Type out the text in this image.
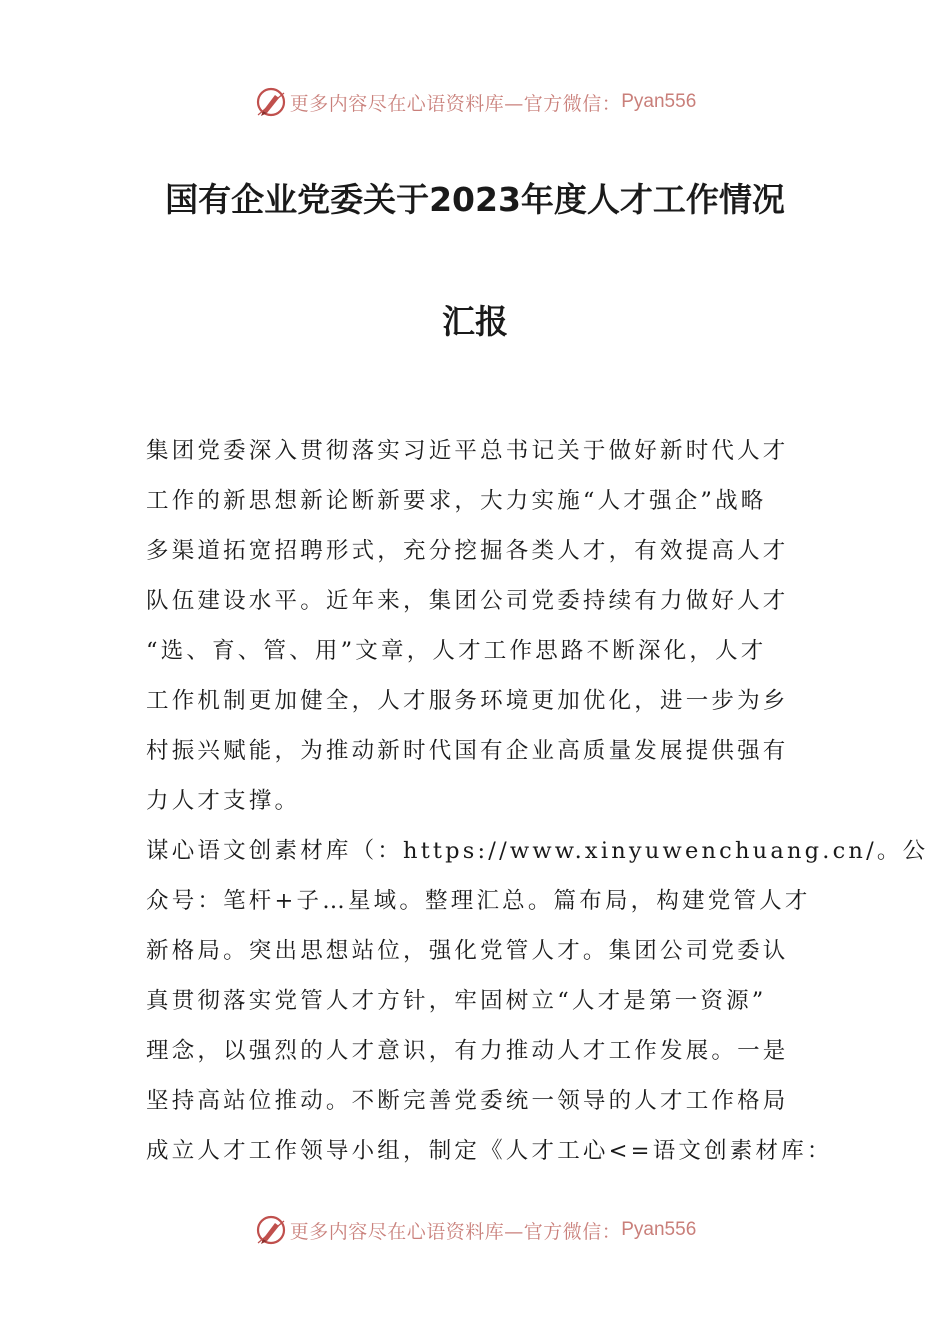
更多内容尽在心语资料库—官方微信： Pyan556
国有企业党委关于2023年度人才工作情况
汇报
集团党委深入贯彻落实习近平总书记关于做好新时代人才
工作的新思想新论断新要求，大力实施“人才强企”战略
多渠道拓宽招聘形式，充分挖掘各类人才，有效提高人才
队伍建设水平。近年来，集团公司党委持续有力做好人才
“选、育、管、用”文章，人才工作思路不断深化，人才
工作机制更加健全，人才服务环境更加优化，进一步为乡
村振兴赋能，为推动新时代国有企业高质量发展提供强有
力人才支撑。
谋心语文创素材库（：https://www.xinyuwenchuang.cn/。公
众号：笔杆+子…星域。整理汇总。篇布局，构建党管人才
新格局。突出思想站位，强化党管人才。集团公司党委认
真贯彻落实党管人才方针，牢固树立“人才是第一资源”
理念，以强烈的人才意识，有力推动人才工作发展。一是
坚持高站位推动。不断完善党委统一领导的人才工作格局
成立人才工作领导小组，制定《人才工心<=语文创素材库：
更多内容尽在心语资料库—官方微信： Pyan556
